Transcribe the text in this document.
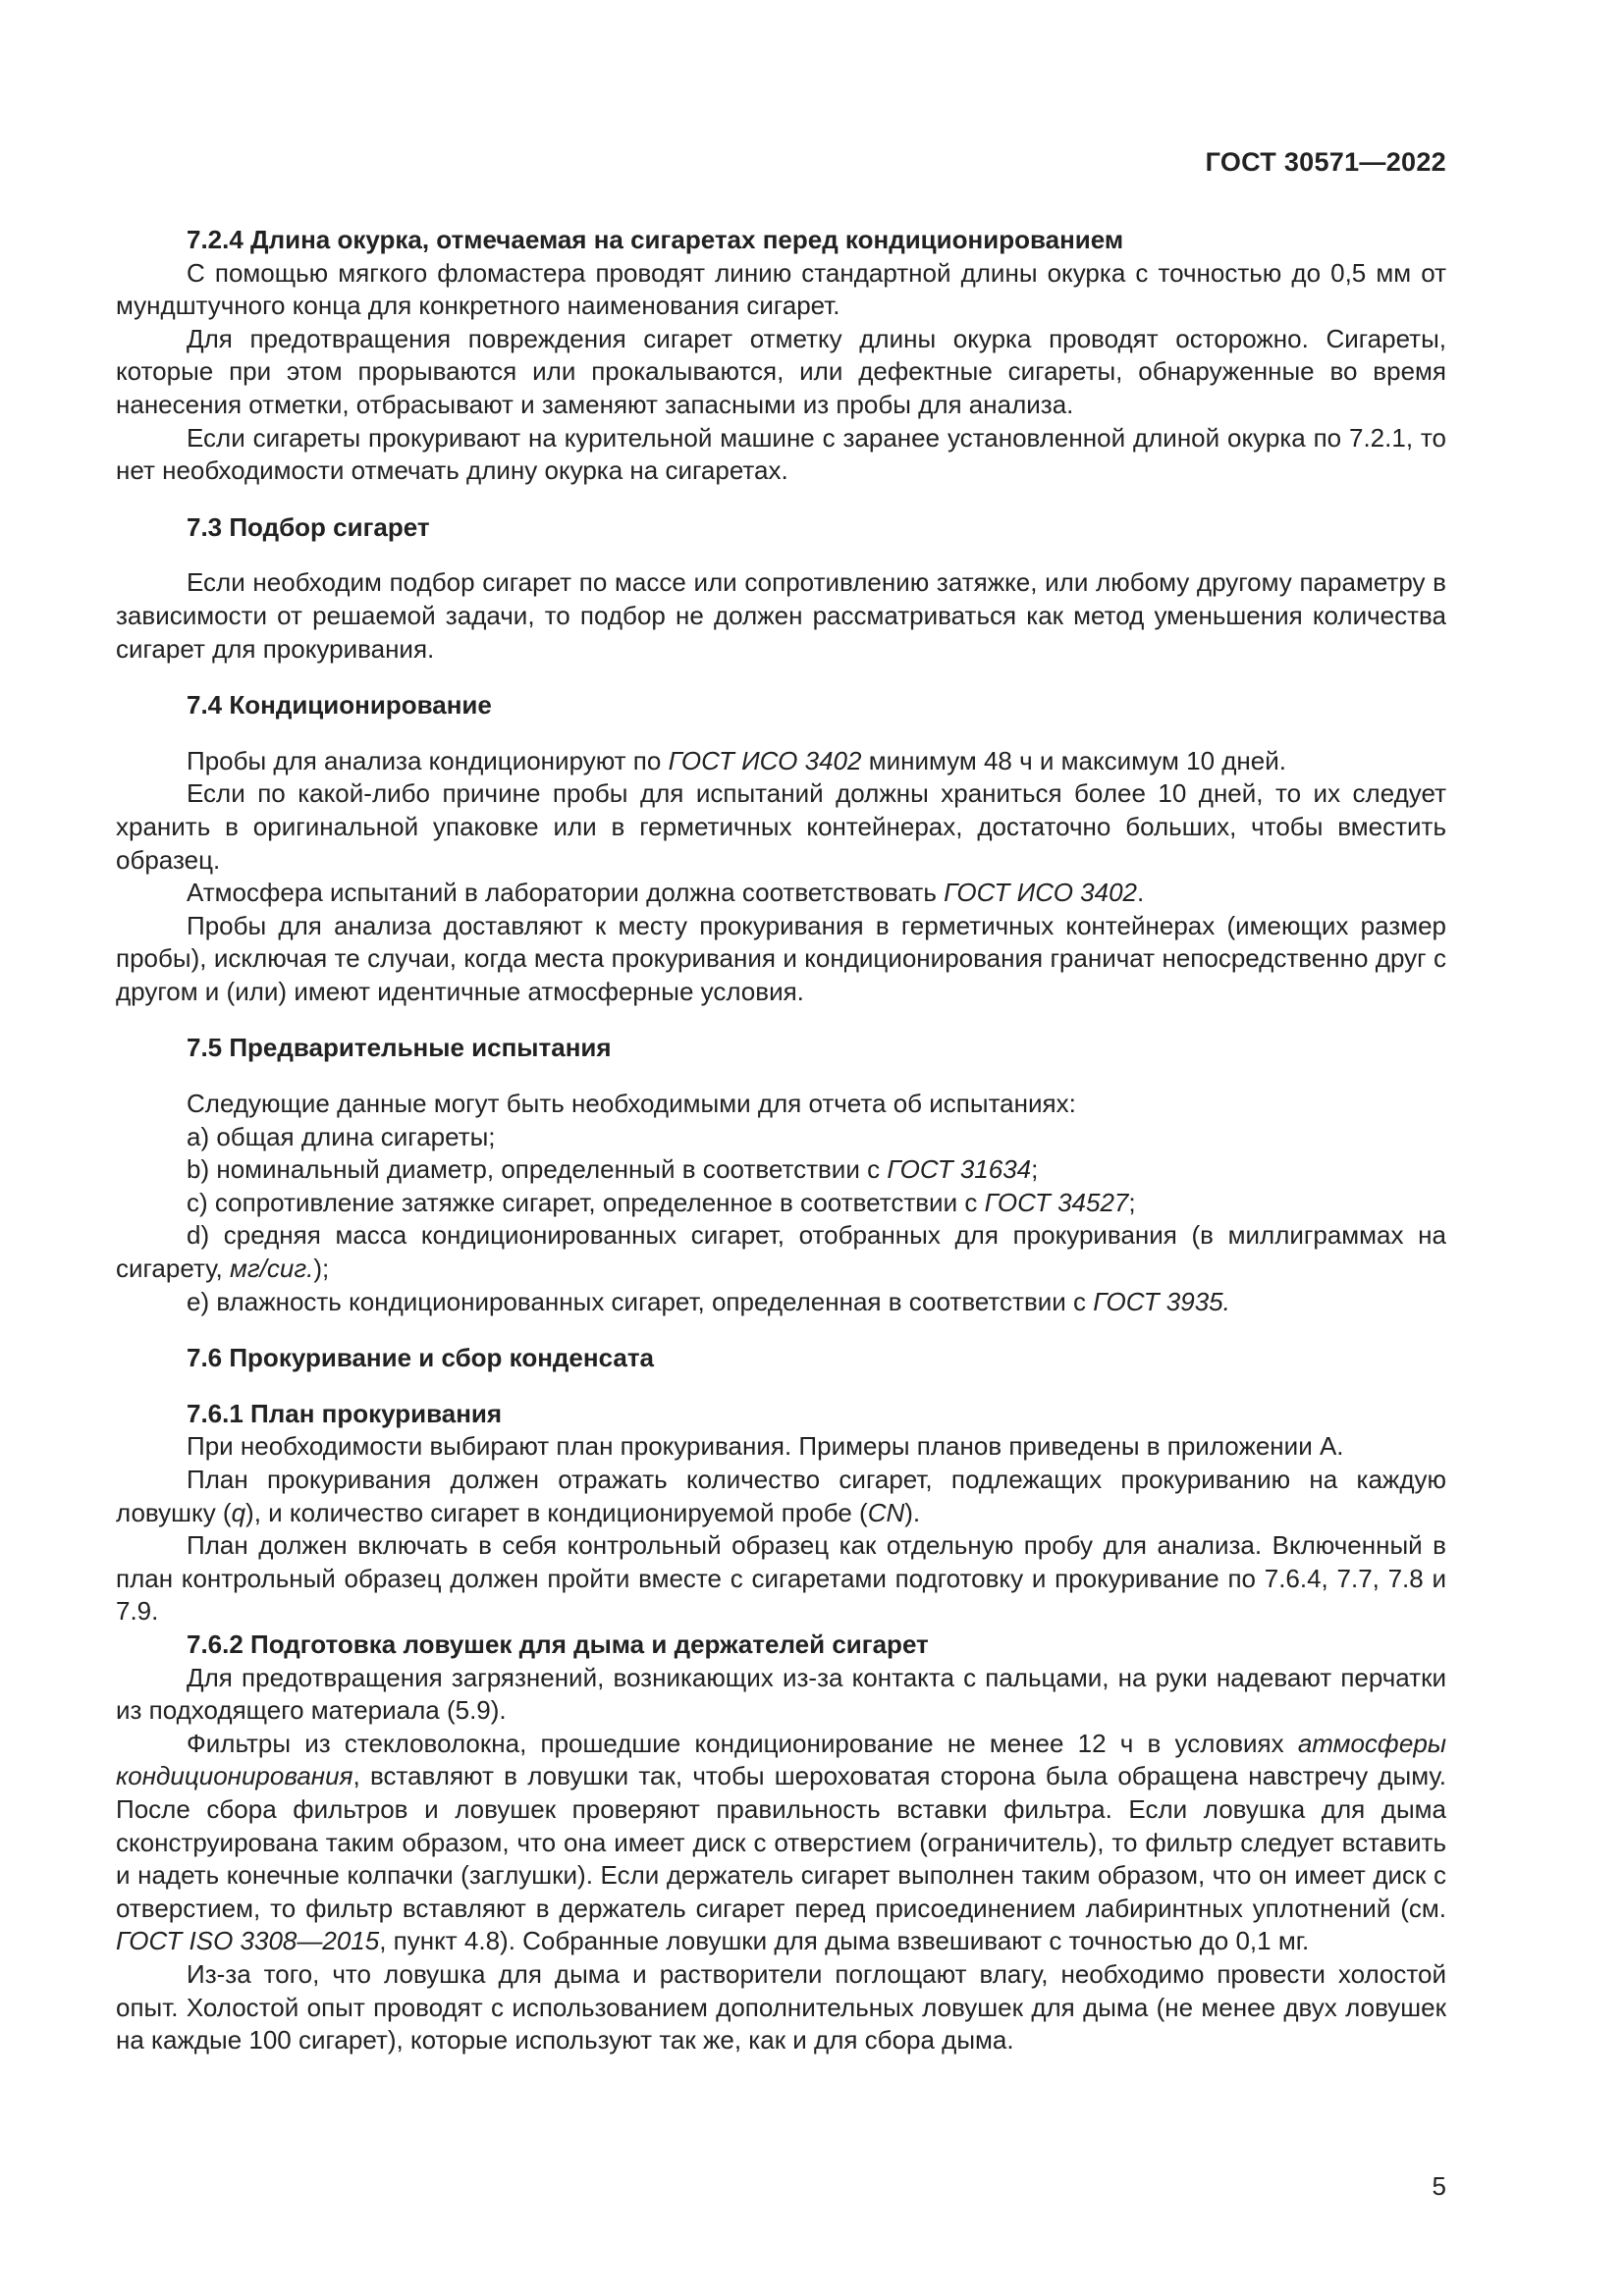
ГОСТ 30571—2022
7.2.4 Длина окурка, отмечаемая на сигаретах перед кондиционированием

С помощью мягкого фломастера проводят линию стандартной длины окурка с точностью до 0,5 мм от мундштучного конца для конкретного наименования сигарет.

Для предотвращения повреждения сигарет отметку длины окурка проводят осторожно. Сигареты, которые при этом прорываются или прокалываются, или дефектные сигареты, обнаруженные во время нанесения отметки, отбрасывают и заменяют запасными из пробы для анализа.

Если сигареты прокуривают на курительной машине с заранее установленной длиной окурка по 7.2.1, то нет необходимости отмечать длину окурка на сигаретах.

7.3 Подбор сигарет

Если необходим подбор сигарет по массе или сопротивлению затяжке, или любому другому параметру в зависимости от решаемой задачи, то подбор не должен рассматриваться как метод уменьшения количества сигарет для прокуривания.

7.4 Кондиционирование

Пробы для анализа кондиционируют по ГОСТ ИСО 3402 минимум 48 ч и максимум 10 дней.

Если по какой-либо причине пробы для испытаний должны храниться более 10 дней, то их следует хранить в оригинальной упаковке или в герметичных контейнерах, достаточно больших, чтобы вместить образец.

Атмосфера испытаний в лаборатории должна соответствовать ГОСТ ИСО 3402.

Пробы для анализа доставляют к месту прокуривания в герметичных контейнерах (имеющих размер пробы), исключая те случаи, когда места прокуривания и кондиционирования граничат непосредственно друг с другом и (или) имеют идентичные атмосферные условия.

7.5 Предварительные испытания

Следующие данные могут быть необходимыми для отчета об испытаниях:

а) общая длина сигареты;

b) номинальный диаметр, определенный в соответствии с ГОСТ 31634;

c) сопротивление затяжке сигарет, определенное в соответствии с ГОСТ 34527;

d) средняя масса кондиционированных сигарет, отобранных для прокуривания (в миллиграммах на сигарету, мг/сиг.);

e) влажность кондиционированных сигарет, определенная в соответствии с ГОСТ 3935.

7.6 Прокуривание и сбор конденсата
7.6.1 План прокуривания

При необходимости выбирают план прокуривания. Примеры планов приведены в приложении А.

План прокуривания должен отражать количество сигарет, подлежащих прокуриванию на каждую ловушку (q), и количество сигарет в кондиционируемой пробе (CN).

План должен включать в себя контрольный образец как отдельную пробу для анализа. Включенный в план контрольный образец должен пройти вместе с сигаретами подготовку и прокуривание по 7.6.4, 7.7, 7.8 и 7.9.

7.6.2 Подготовка ловушек для дыма и держателей сигарет

Для предотвращения загрязнений, возникающих из-за контакта с пальцами, на руки надевают перчатки из подходящего материала (5.9).

Фильтры из стекловолокна, прошедшие кондиционирование не менее 12 ч в условиях атмосферы кондиционирования, вставляют в ловушки так, чтобы шероховатая сторона была обращена навстречу дыму. После сбора фильтров и ловушек проверяют правильность вставки фильтра. Если ловушка для дыма сконструирована таким образом, что она имеет диск с отверстием (ограничитель), то фильтр следует вставить и надеть конечные колпачки (заглушки). Если держатель сигарет выполнен таким образом, что он имеет диск с отверстием, то фильтр вставляют в держатель сигарет перед присоединением лабиринтных уплотнений (см. ГОСТ ISO 3308—2015, пункт 4.8). Собранные ловушки для дыма взвешивают с точностью до 0,1 мг.

Из-за того, что ловушка для дыма и растворители поглощают влагу, необходимо провести холостой опыт. Холостой опыт проводят с использованием дополнительных ловушек для дыма (не менее двух ловушек на каждые 100 сигарет), которые используют так же, как и для сбора дыма.

5
